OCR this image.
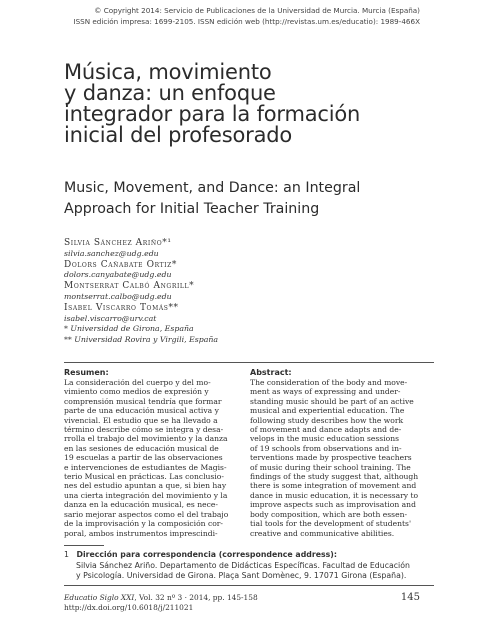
© Copyright 2014: Servicio de Publicaciones de la Universidad de Murcia. Murcia (España)
ISSN edición impresa: 1699-2105. ISSN edición web (http://revistas.um.es/educatio): 1989-466X
Música, movimiento
y danza: un enfoque
integrador para la formación
inicial del profesorado
Music, Movement, and Dance: an Integral
Approach for Initial Teacher Training
Silvia Sánchez Ariño*¹
silvia.sanchez@udg.edu
Dolors Cañabate Ortiz*
dolors.canyabate@udg.edu
Montserrat Calbó Angrill*
montserrat.calbo@udg.edu
Isabel Viscarro Tomás**
isabel.viscarro@urv.cat
* Universidad de Girona, España
** Universidad Rovira y Virgili, España
Resumen:
La consideración del cuerpo y del mo-
vimiento como medios de expresión y
comprensión musical tendría que formar
parte de una educación musical activa y
vivencial. El estudio que se ha llevado a
término describe cómo se integra y desa-
rrolla el trabajo del movimiento y la danza
en las sesiones de educación musical de
19 escuelas a partir de las observaciones
e intervenciones de estudiantes de Magis-
terio Musical en prácticas. Las conclusio-
nes del estudio apuntan a que, si bien hay
una cierta integración del movimiento y la
danza en la educación musical, es nece-
sario mejorar aspectos como el del trabajo
de la improvisación y la composición cor-
poral, ambos instrumentos imprescindi-
Abstract:
The consideration of the body and move-
ment as ways of expressing and under-
standing music should be part of an active
musical and experiential education. The
following study describes how the work
of movement and dance adapts and de-
velops in the music education sessions
of 19 schools from observations and in-
terventions made by prospective teachers
of music during their school training. The
findings of the study suggest that, although
there is some integration of movement and
dance in music education, it is necessary to
improve aspects such as improvisation and
body composition, which are both essen-
tial tools for the development of students'
creative and communicative abilities.
1 Dirección para correspondencia (correspondence address):
Silvia Sánchez Ariño. Departamento de Didácticas Específicas. Facultad de Educación
y Psicología. Universidad de Girona. Plaça Sant Domènec, 9. 17071 Girona (España).
Educatio Siglo XXI, Vol. 32 nº 3 · 2014, pp. 145-158
http://dx.doi.org/10.6018/j/211021
145
